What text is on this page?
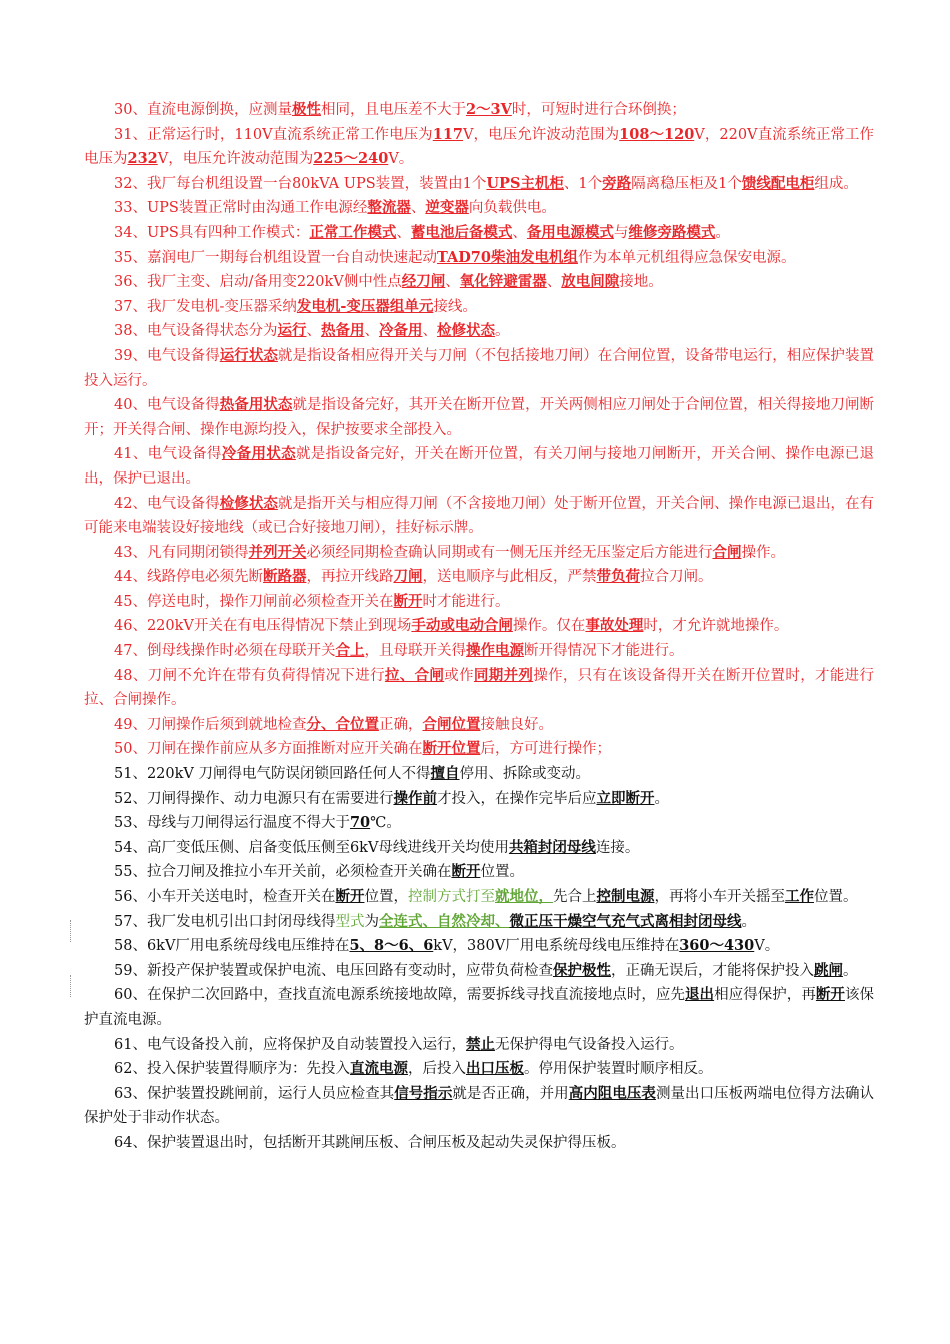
30、直流电源倒换，应测量极性相同，且电压差不大于2～3V时，可短时进行合环倒换；

31、正常运行时，110V直流系统正常工作电压为117V，电压允许波动范围为108～120V，220V直流系统正常工作电压为232V，电压允许波动范围为225～240V。

32、我厂每台机组设置一台80kVA UPS装置，装置由1个UPS主机柜、1个旁路隔离稳压柜及1个馈线配电柜组成。

33、UPS装置正常时由沟通工作电源经整流器、逆变器向负载供电。

34、UPS具有四种工作模式：正常工作模式、蓄电池后备模式、备用电源模式与维修旁路模式。

35、嘉润电厂一期每台机组设置一台自动快速起动TAD70柴油发电机组作为本单元机组得应急保安电源。

36、我厂主变、启动/备用变220kV侧中性点经刀闸、氧化锌避雷器、放电间隙接地。

37、我厂发电机-变压器采纳发电机-变压器组单元接线。

38、电气设备得状态分为运行、热备用、冷备用、检修状态。

39、电气设备得运行状态就是指设备相应得开关与刀闸（不包括接地刀闸）在合闸位置，设备带电运行，相应保护装置投入运行。

40、电气设备得热备用状态就是指设备完好，其开关在断开位置，开关两侧相应刀闸处于合闸位置，相关得接地刀闸断开；开关得合闸、操作电源均投入，保护按要求全部投入。

41、电气设备得冷备用状态就是指设备完好，开关在断开位置，有关刀闸与接地刀闸断开，开关合闸、操作电源已退出，保护已退出。

42、电气设备得检修状态就是指开关与相应得刀闸（不含接地刀闸）处于断开位置，开关合闸、操作电源已退出，在有可能来电端装设好接地线（或已合好接地刀闸），挂好标示牌。

43、凡有同期闭锁得并列开关必须经同期检查确认同期或有一侧无压并经无压鉴定后方能进行合闸操作。

44、线路停电必须先断断路器，再拉开线路刀闸，送电顺序与此相反，严禁带负荷拉合刀闸。

45、停送电时，操作刀闸前必须检查开关在断开时才能进行。

46、220kV开关在有电压得情况下禁止到现场手动或电动合闸操作。仅在事故处理时，才允许就地操作。

47、倒母线操作时必须在母联开关合上，且母联开关得操作电源断开得情况下才能进行。

48、刀闸不允许在带有负荷得情况下进行拉、合闸或作同期并列操作，只有在该设备得开关在断开位置时，才能进行拉、合闸操作。

49、刀闸操作后须到就地检查分、合位置正确，合闸位置接触良好。

50、刀闸在操作前应从多方面推断对应开关确在断开位置后，方可进行操作；

51、220kV 刀闸得电气防误闭锁回路任何人不得擅自停用、拆除或变动。

52、刀闸得操作、动力电源只有在需要进行操作前才投入，在操作完毕后应立即断开。

53、母线与刀闸得运行温度不得大于70℃。

54、高厂变低压侧、启备变低压侧至6kV母线进线开关均使用共箱封闭母线连接。

55、拉合刀闸及推拉小车开关前，必须检查开关确在断开位置。

56、小车开关送电时，检查开关在断开位置，控制方式打至就地位，先合上控制电源，再将小车开关摇至工作位置。

57、我厂发电机引出口封闭母线得型式为全连式、自然冷却、微正压干燥空气充气式离相封闭母线。

58、6kV厂用电系统母线电压维持在5、8～6、6kV，380V厂用电系统母线电压维持在360～430V。

59、新投产保护装置或保护电流、电压回路有变动时，应带负荷检查保护极性，正确无误后，才能将保护投入跳闸。

60、在保护二次回路中，查找直流电源系统接地故障，需要拆线寻找直流接地点时，应先退出相应得保护，再断开该保护直流电源。

61、电气设备投入前，应将保护及自动装置投入运行，禁止无保护得电气设备投入运行。

62、投入保护装置得顺序为：先投入直流电源，后投入出口压板。停用保护装置时顺序相反。

63、保护装置投跳闸前，运行人员应检查其信号指示就是否正确，并用高内阻电压表测量出口压板两端电位得方法确认保护处于非动作状态。

64、保护装置退出时，包括断开其跳闸压板、合闸压板及起动失灵保护得压板。
